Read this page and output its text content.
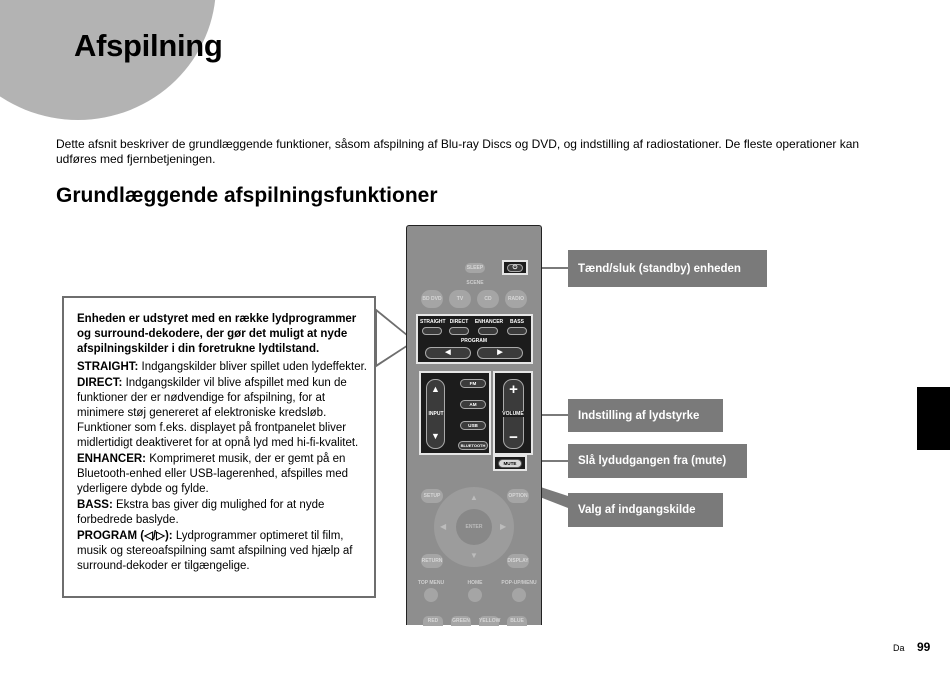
Afspilning

Dette afsnit beskriver de grundlæggende funktioner, såsom afspilning af Blu-ray Discs og DVD, og indstilling af radiostationer. De fleste operationer kan udføres med fjernbetjeningen.

Grundlæggende afspilningsfunktioner

Enheden er udstyret med en række lydprogrammer og surround-dekodere, der gør det muligt at nyde afspilningskilder i din foretrukne lydtilstand.

STRAIGHT: Indgangskilder bliver spillet uden lydeffekter.

DIRECT: Indgangskilder vil blive afspillet med kun de funktioner der er nødvendige for afspilning, for at minimere støj genereret af elektroniske kredsløb. Funktioner som f.eks. displayet på frontpanelet bliver midlertidigt deaktiveret for at opnå lyd med hi-fi-kvalitet.

ENHANCER: Komprimeret musik, der er gemt på en Bluetooth-enhed eller USB-lagerenhed, afspilles med yderligere dybde og fylde.

BASS: Ekstra bas giver dig mulighed for at nyde forbedrede baslyde.

PROGRAM (◁/▷): Lydprogrammer optimeret til film, musik og stereoafspilning samt afspilning ved hjælp af surround-dekoder er tilgængelige.

SLEEP	⏻
SCENE
BD DVD	TV	CD	RADIO
STRAIGHT DIRECT	ENHANCER	BASS
PROGRAM
◀	▶
▲
▼
INPUT
FM
AM
USB
BLUETOOTH
+
−
VOLUME
MUTE
SETUP	OPTION
RETURN	DISPLAY
TOP MENU	HOME	POP-UP/MENU
RED	GREEN YELLOW	BLUE
▲
▼
◀	▶
ENTER
Tænd/sluk (standby) enheden
Indstilling af lydstyrke
Slå lydudgangen fra (mute)
Valg af indgangskilde
Da 99
